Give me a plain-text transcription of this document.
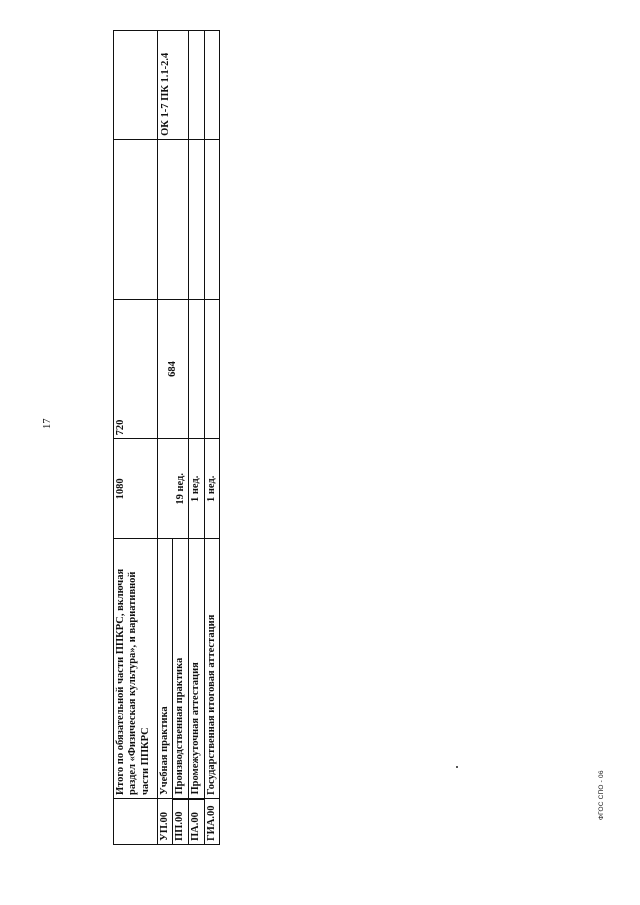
17
	Итого по обязательной части ППКРС, включая раздел «Физическая культура», и вариативной части ППКРС	1080	720		
УП.00	Учебная практика	19 нед.	684		ОК 1-7 ПК 1.1-2.4
ПП.00	Производственная практика				
ПА.00	Промежуточная аттестация	1 нед.			
ГИА.00	Государственная итоговая аттестация	1 нед.			
ФГОС СПО - 06
